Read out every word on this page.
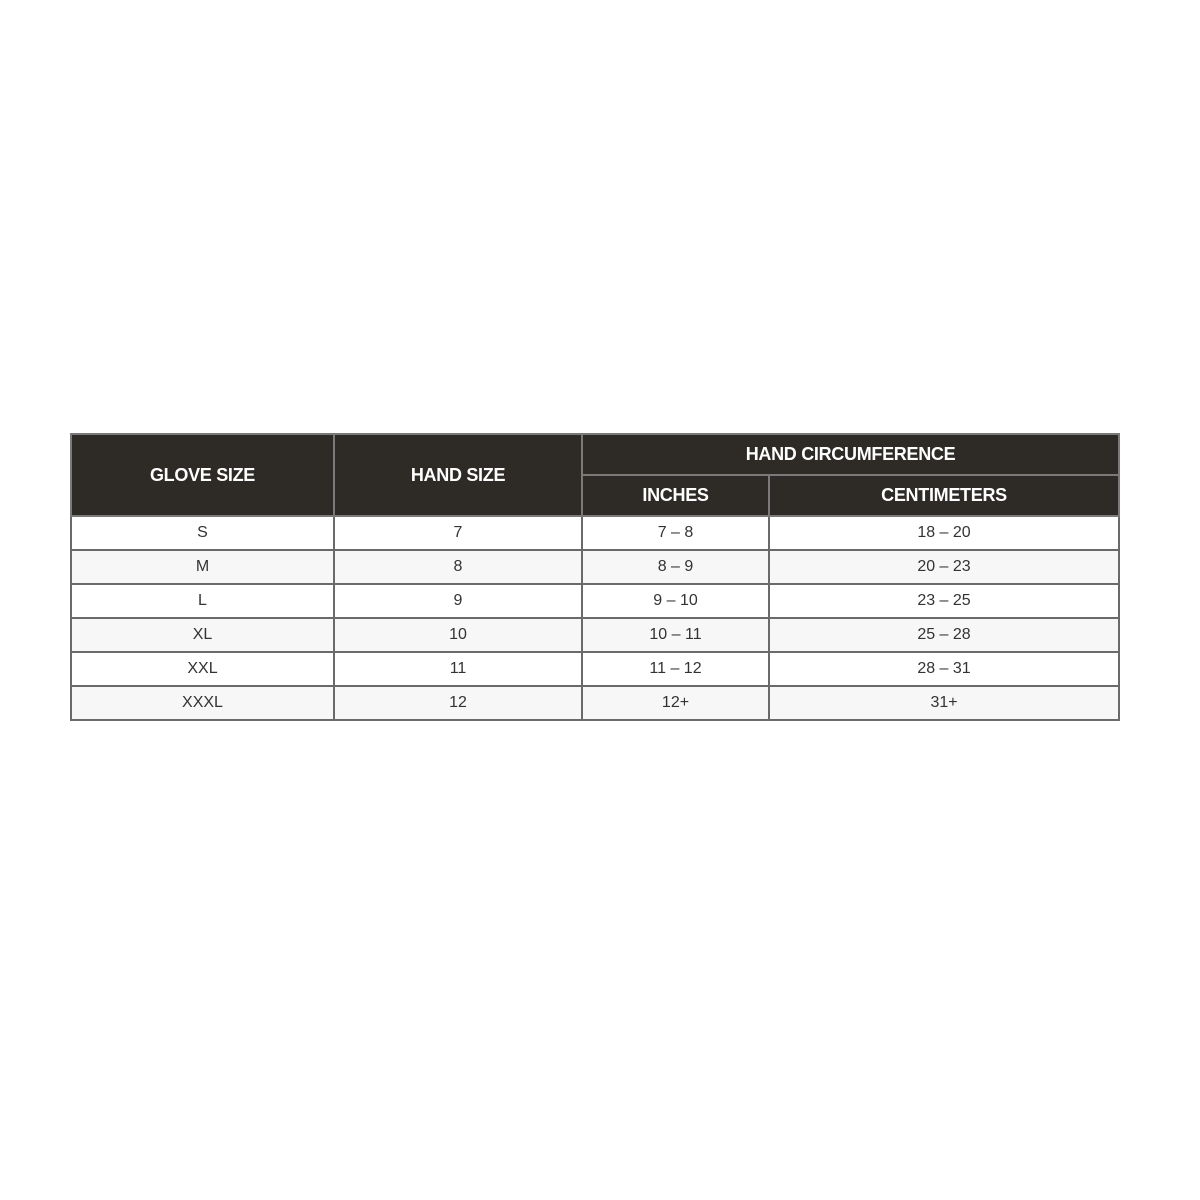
GLOVE SIZE	HAND SIZE	HAND CIRCUMFERENCE	
		INCHES	CENTIMETERS
S	7	7 – 8	18 – 20
M	8	8 – 9	20 – 23
L	9	9 – 10	23 – 25
XL	10	10 – 11	25 – 28
XXL	11	11 – 12	28 – 31
XXXL	12	12+	31+
